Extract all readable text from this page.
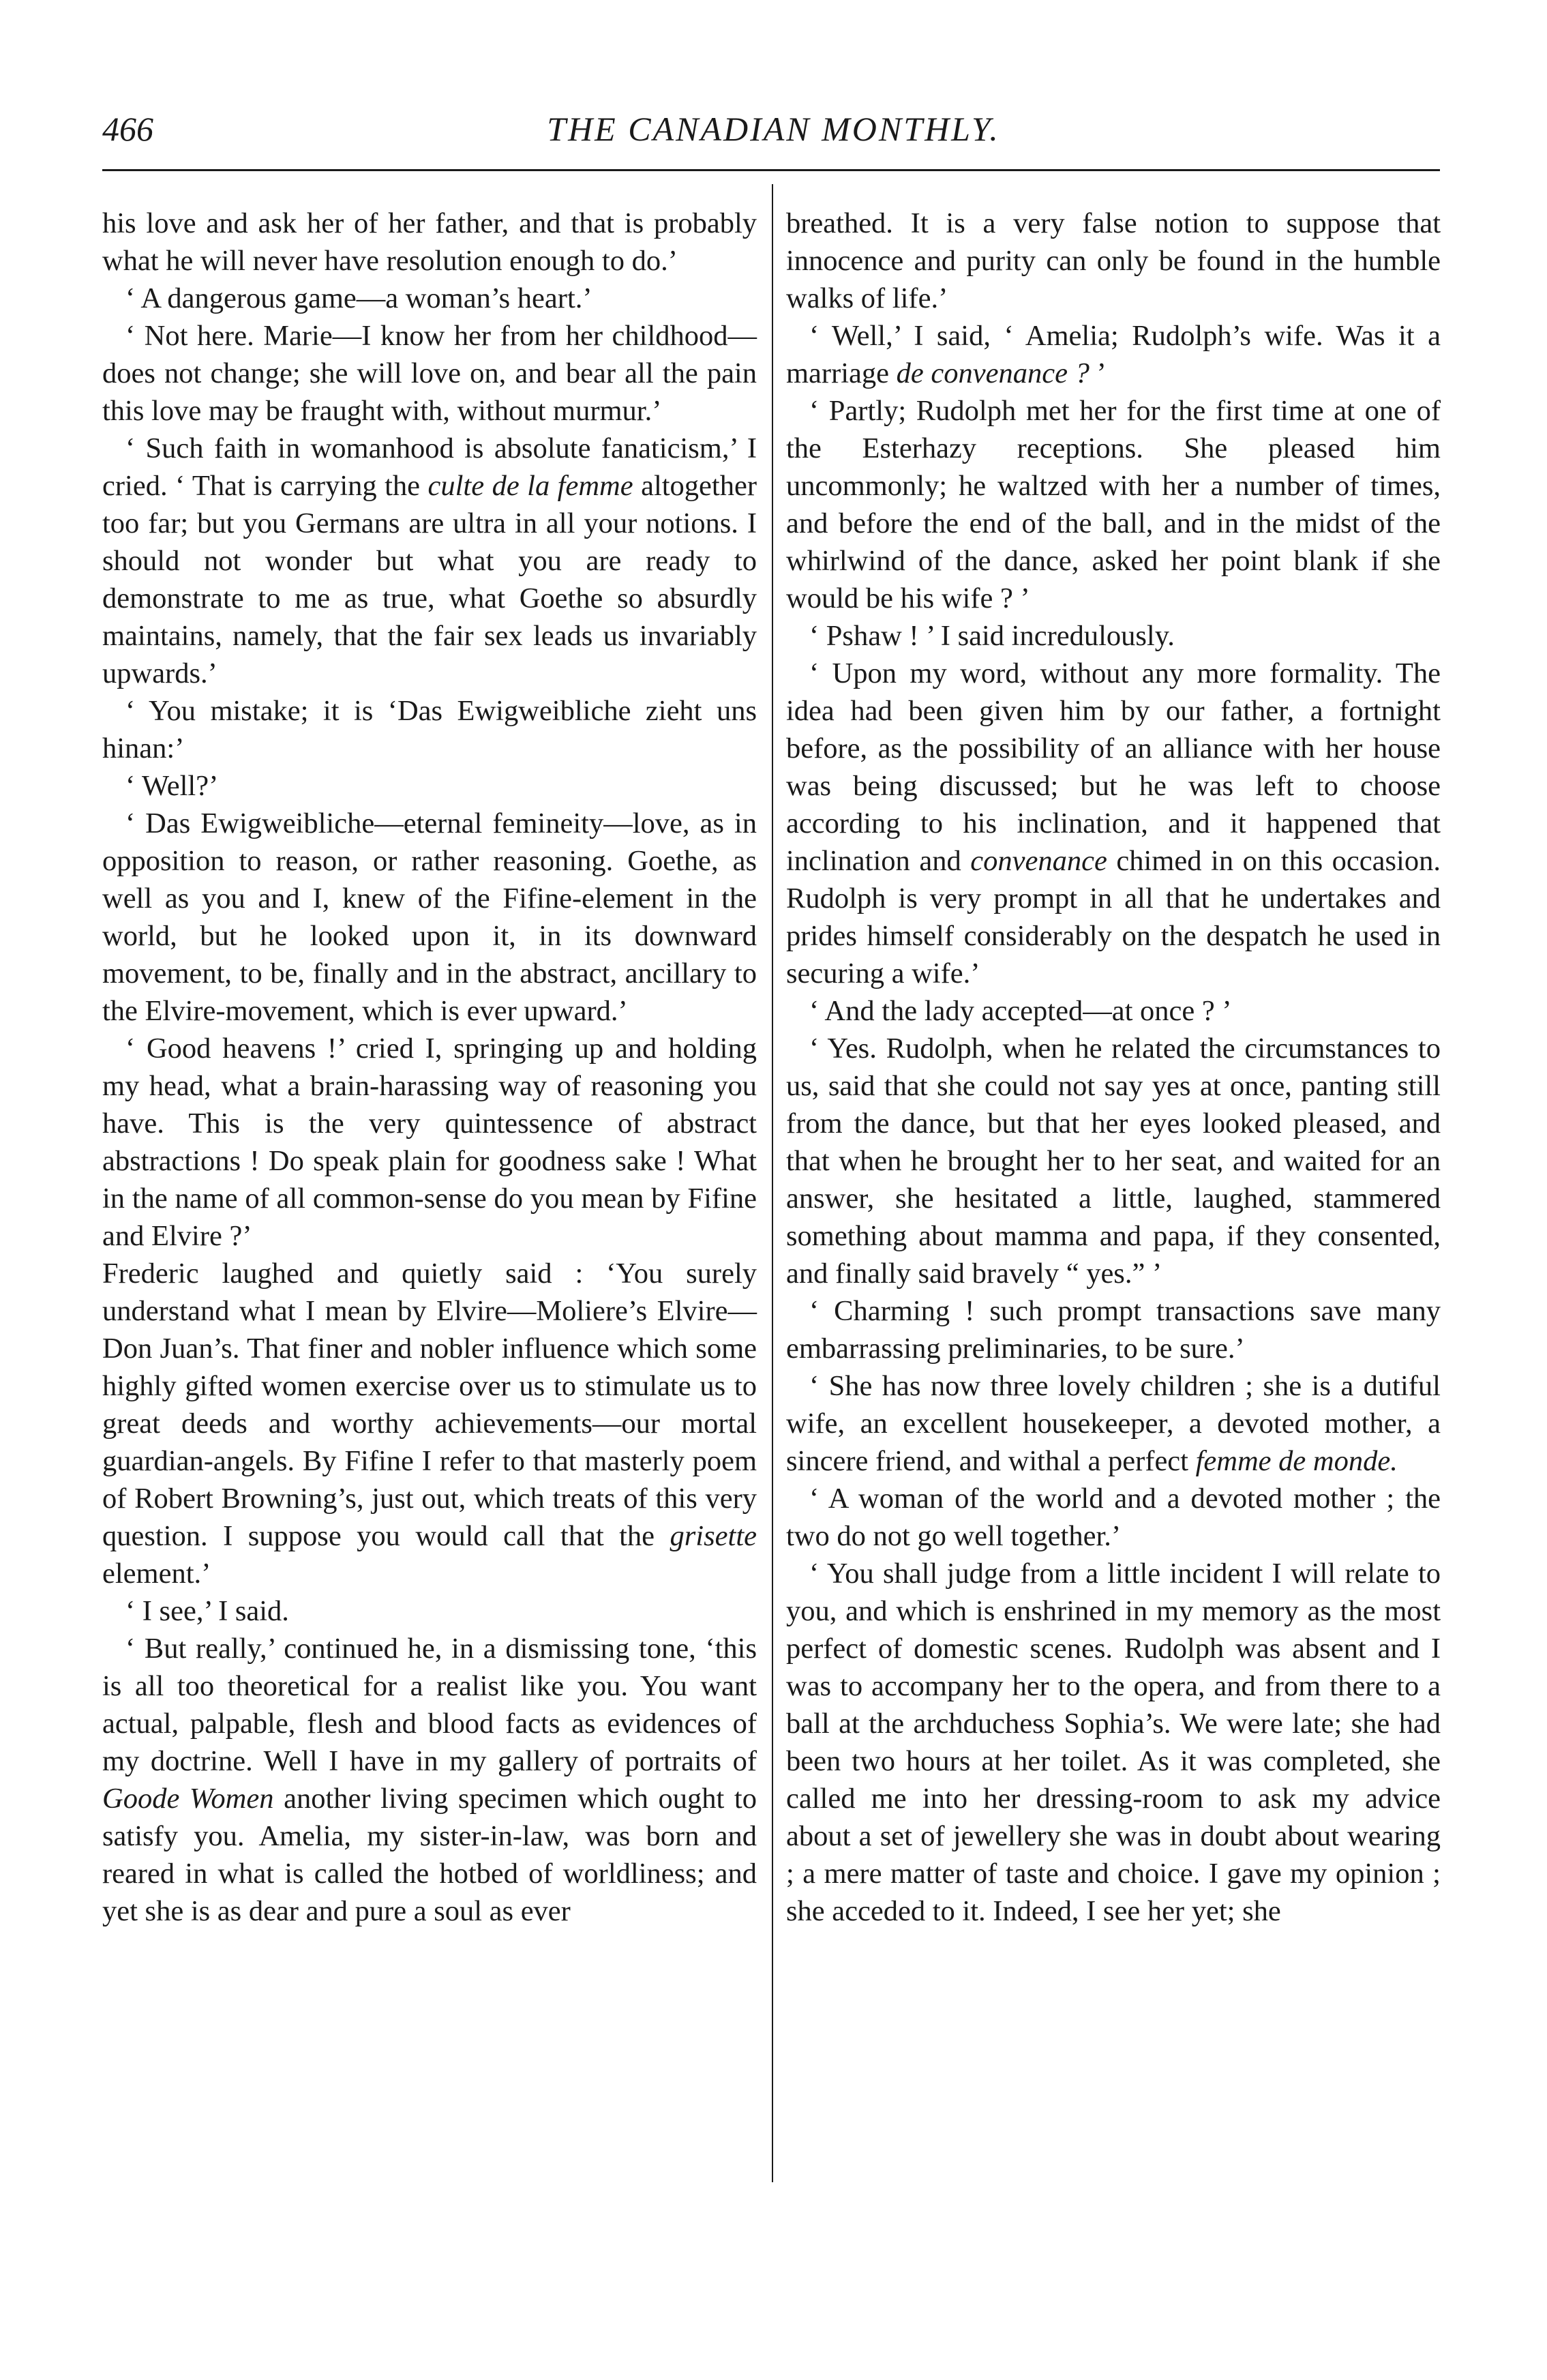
466	THE CANADIAN MONTHLY.

his love and ask her of her father, and that is probably what he will never have resolution enough to do.’

‘ A dangerous game—a woman’s heart.’

‘ Not here. Marie—I know her from her childhood—does not change; she will love on, and bear all the pain this love may be fraught with, without murmur.’

‘ Such faith in womanhood is absolute fanaticism,’ I cried. ‘ That is carrying the culte de la femme altogether too far; but you Germans are ultra in all your notions. I should not wonder but what you are ready to demonstrate to me as true, what Goethe so absurdly maintains, namely, that the fair sex leads us invariably upwards.’

‘ You mistake; it is ‘Das Ewigweibliche zieht uns hinan:’

‘ Well?’

‘ Das Ewigweibliche—eternal femineity—love, as in opposition to reason, or rather reasoning. Goethe, as well as you and I, knew of the Fifine-element in the world, but he looked upon it, in its downward movement, to be, finally and in the abstract, ancillary to the Elvire-movement, which is ever upward.’

‘ Good heavens !’ cried I, springing up and holding my head, what a brain-harassing way of reasoning you have. This is the very quintessence of abstract abstractions ! Do speak plain for goodness sake ! What in the name of all common-sense do you mean by Fifine and Elvire ?’

Frederic laughed and quietly said : ‘You surely understand what I mean by Elvire—Moliere’s Elvire—Don Juan’s. That finer and nobler influence which some highly gifted women exercise over us to stimulate us to great deeds and worthy achievements—our mortal guardian-angels. By Fifine I refer to that masterly poem of Robert Browning’s, just out, which treats of this very question. I suppose you would call that the grisette element.’

‘ I see,’ I said.

‘ But really,’ continued he, in a dismissing tone, ‘this is all too theoretical for a realist like you. You want actual, palpable, flesh and blood facts as evidences of my doctrine. Well I have in my gallery of portraits of Goode Women another living specimen which ought to satisfy you. Amelia, my sister-in-law, was born and reared in what is called the hotbed of worldliness; and yet she is as dear and pure a soul as ever

breathed. It is a very false notion to suppose that innocence and purity can only be found in the humble walks of life.’

‘ Well,’ I said, ‘ Amelia; Rudolph’s wife. Was it a marriage de convenance ? ’

‘ Partly; Rudolph met her for the first time at one of the Esterhazy receptions. She pleased him uncommonly; he waltzed with her a number of times, and before the end of the ball, and in the midst of the whirlwind of the dance, asked her point blank if she would be his wife ? ’

‘ Pshaw ! ’ I said incredulously.

‘ Upon my word, without any more formality. The idea had been given him by our father, a fortnight before, as the possibility of an alliance with her house was being discussed; but he was left to choose according to his inclination, and it happened that inclination and convenance chimed in on this occasion. Rudolph is very prompt in all that he undertakes and prides himself considerably on the despatch he used in securing a wife.’

‘ And the lady accepted—at once ? ’

‘ Yes. Rudolph, when he related the circumstances to us, said that she could not say yes at once, panting still from the dance, but that her eyes looked pleased, and that when he brought her to her seat, and waited for an answer, she hesitated a little, laughed, stammered something about mamma and papa, if they consented, and finally said bravely “ yes.” ’

‘ Charming ! such prompt transactions save many embarrassing preliminaries, to be sure.’

‘ She has now three lovely children ; she is a dutiful wife, an excellent housekeeper, a devoted mother, a sincere friend, and withal a perfect femme de monde.

‘ A woman of the world and a devoted mother ; the two do not go well together.’

‘ You shall judge from a little incident I will relate to you, and which is enshrined in my memory as the most perfect of domestic scenes. Rudolph was absent and I was to accompany her to the opera, and from there to a ball at the archduchess Sophia’s. We were late; she had been two hours at her toilet. As it was completed, she called me into her dressing-room to ask my advice about a set of jewellery she was in doubt about wearing ; a mere matter of taste and choice. I gave my opinion ; she acceded to it. Indeed, I see her yet; she
